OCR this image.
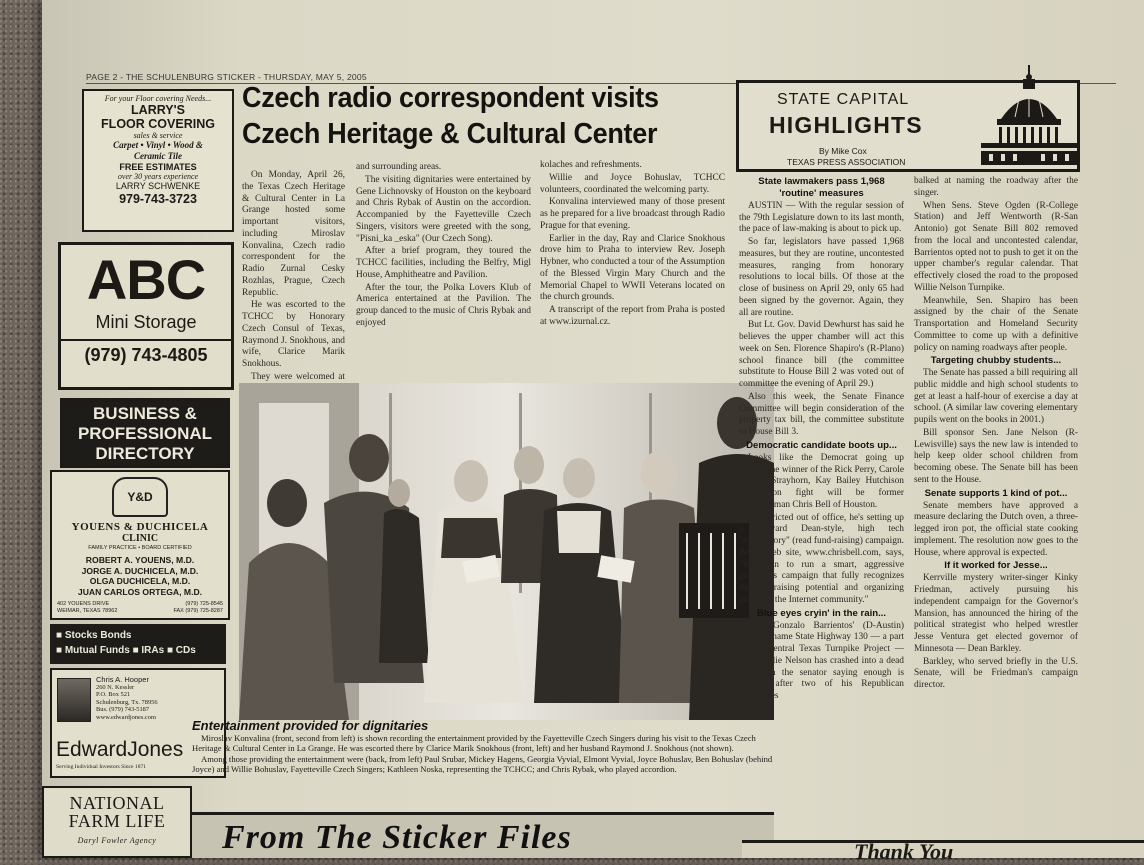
PAGE 2 - THE SCHULENBURG STICKER - THURSDAY, MAY 5, 2005
Czech radio correspondent visits
Czech Heritage & Cultural Center
For your Floor covering Needs...
LARRY'S
FLOOR COVERING
sales & service
Carpet • Vinyl • Wood &
Ceramic Tile
FREE ESTIMATES
over 30 years experience
LARRY SCHWENKE
979-743-3723
ABC
Mini Storage
(979) 743-4805
BUSINESS &
PROFESSIONAL
DIRECTORY
Y&D
YOUENS & DUCHICELA
CLINIC
FAMILY PRACTICE • BOARD CERTIFIED
ROBERT A. YOUENS, M.D.
JORGE A. DUCHICELA, M.D.
OLGA DUCHICELA, M.D.
JUAN CARLOS ORTEGA, M.D.
402 YOUENS DRIVE
WEIMAR, TEXAS 78962
(979) 725-8545
FAX (979) 725-8287
■ Stocks Bonds
■ Mutual Funds ■ IRAs ■ CDs
Chris A. Hooper
260 N. Kessler
P.O. Box 521
Schulenburg, Tx. 78956
Bus. (979) 743-5187
www.edwardjones.com
EdwardJones
Serving Individual Investors Since 1871
NATIONAL
FARM LIFE
Daryl Fowler Agency

On Monday, April 26, the Texas Czech Heritage & Cultural Center in La Grange hosted some important visitors, including Miroslav Konvalina, Czech radio correspondent for the Radio Zurnal Cesky Rozhlas, Prague, Czech Republic.

He was escorted to the TCHCC by Honorary Czech Consul of Texas, Raymond J. Snokhous, and wife, Clarice Marik Snokhous.

They were welcomed at

and surrounding areas.

The visiting dignitaries were entertained by Gene Lichnovsky of Houston on the keyboard and Chris Rybak of Austin on the accordion. Accompanied by the Fayetteville Czech Singers, visitors were greeted with the song, "Pisni_ka _eska" (Our Czech Song).

After a brief program, they toured the TCHCC facilities, including the Belfry, Migl House, Amphitheatre and Pavilion.

After the tour, the Polka Lovers Klub of America entertained at the Pavilion. The group danced to the music of Chris Rybak and enjoyed

kolaches and refreshments.

Willie and Joyce Bohuslav, TCHCC volunteers, coordinated the welcoming party.

Konvalina interviewed many of those present as he prepared for a live broadcast through Radio Prague for that evening.

Earlier in the day, Ray and Clarice Snokhous drove him to Praha to interview Rev. Joseph Hybner, who conducted a tour of the Assumption of the Blessed Virgin Mary Church and the Memorial Chapel to WWII Veterans located on the church grounds.

A transcript of the report from Praha is posted at www.izurnal.cz.

Entertainment provided for dignitaries

Miroslav Konvalina (front, second from left) is shown recording the entertainment provided by the Fayetteville Czech Singers during his visit to the Texas Czech Heritage & Cultural Center in La Grange. He was escorted there by Clarice Marik Snokhous (front, left) and her husband Raymond J. Snokhous (not shown).

Among those providing the entertainment were (back, from left) Paul Srubar, Mickey Hagens, Georgia Vyvial, Elmont Vyvial, Joyce Bohuslav, Ben Bohuslav (behind Joyce) and Willie Bohuslav, Fayetteville Czech Singers; Kathleen Noska, representing the TCHCC; and Chris Rybak, who played accordion.

From The Sticker Files
STATE CAPITAL
HIGHLIGHTS
By Mike Cox
TEXAS PRESS ASSOCIATION

State lawmakers pass 1,968 'routine' measures

AUSTIN — With the regular session of the 79th Legislature down to its last month, the pace of law-making is about to pick up.

So far, legislators have passed 1,968 measures, but they are routine, uncontested measures, ranging from honorary resolutions to local bills. Of those at the close of business on April 29, only 65 had been signed by the governor. Again, they all are routine.

But Lt. Gov. David Dewhurst has said he believes the upper chamber will act this week on Sen. Florence Shapiro's (R-Plano) school finance bill (the committee substitute to House Bill 2 was voted out of committee the evening of April 29.)

Also this week, the Senate Finance Committee will begin consideration of the property tax bill, the committee substitute to House Bill 3.

Democratic candidate boots up...

Looks like the Democrat going up against the winner of the Rick Perry, Carole Keeton Strayhorn, Kay Bailey Hutchison nomination fight will be former Congressman Chris Bell of Houston.

Redistricted out of office, he's setting up a Howard Dean-style, high tech "exploratory" (read fund-raising) campaign. Bell's Web site, www.chrisbell.com, says, "We plan to run a smart, aggressive grassroots campaign that fully recognizes the fundraising potential and organizing power of the Internet community."

Blue eyes cryin' in the rain...

Sen. Gonzalo Barrientos' (D-Austin) effort to name State Highway 130 — a part of the Central Texas Turnpike Project — after Willie Nelson has crashed into a dead end with the senator saying enough is enough after two of his Republican colleagues

balked at naming the roadway after the singer.

When Sens. Steve Ogden (R-College Station) and Jeff Wentworth (R-San Antonio) got Senate Bill 802 removed from the local and uncontested calendar, Barrientos opted not to push to get it on the upper chamber's regular calendar. That effectively closed the road to the proposed Willie Nelson Turnpike.

Meanwhile, Sen. Shapiro has been assigned by the chair of the Senate Transportation and Homeland Security Committee to come up with a definitive policy on naming roadways after people.

Targeting chubby students...

The Senate has passed a bill requiring all public middle and high school students to get at least a half-hour of exercise a day at school. (A similar law covering elementary pupils went on the books in 2001.)

Bill sponsor Sen. Jane Nelson (R-Lewisville) says the new law is intended to help keep older school children from becoming obese. The Senate bill has been sent to the House.

Senate supports 1 kind of pot...

Senate members have approved a measure declaring the Dutch oven, a three-legged iron pot, the official state cooking implement. The resolution now goes to the House, where approval is expected.

If it worked for Jesse...

Kerrville mystery writer-singer Kinky Friedman, actively pursuing his independent campaign for the Governor's Mansion, has announced the hiring of the political strategist who helped wrestler Jesse Ventura get elected governor of Minnesota — Dean Barkley.

Barkley, who served briefly in the U.S. Senate, will be Friedman's campaign director.

Thank You
